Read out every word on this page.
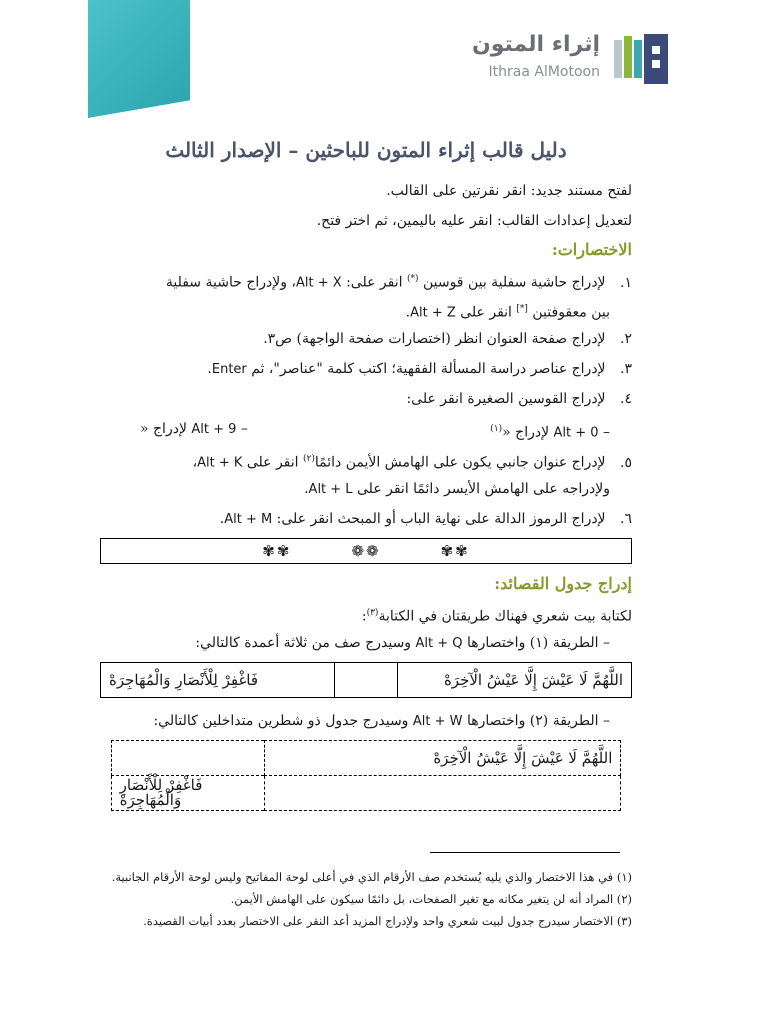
إثراء المتون
Ithraa AlMotoon
دليل قالب إثراء المتون للباحثين – الإصدار الثالث
لفتح مستند جديد: انقر نقرتين على القالب.
لتعديل إعدادات القالب: انقر عليه باليمين، ثم اختر فتح.
الاختصارات:
١. لإدراج حاشية سفلية بين قوسين (*) انقر على: Alt + X، ولإدراج حاشية سفلية
بين معقوفتين [*] انقر على Alt + Z.
٢. لإدراج صفحة العنوان انظر (اختصارات صفحة الواجهة) ص٣.
٣. لإدراج عناصر دراسة المسألة الفقهية؛ اكتب كلمة "عناصر"، ثم Enter.
٤. لإدراج القوسين الصغيرة انقر على:
– Alt + 0 لإدراج «$^{(١)}$
– Alt + 9 لإدراج «
٥. لإدراج عنوان جانبي يكون على الهامش الأيمن دائمًا$^{(٢)}$ انقر على Alt + K،
ولإدراجه على الهامش الأيسر دائمًا انقر على Alt + L.
٦. لإدراج الرموز الدالة على نهاية الباب أو المبحث انقر على: Alt + M.
✾✾
❁❁
✾✾
إدراج جدول القصائد:
لكتابة بيت شعري فهناك طريقتان في الكتابة$^{(٣)}$:
– الطريقة (١) واختصارها Alt + Q وسيدرج صف من ثلاثة أعمدة كالتالي:
اللَّهُمَّ لَا عَيْشَ إِلَّا عَيْشُ الْآخِرَهْ		فَاغْفِرْ لِلْأَنْصَارِ وَالْمُهَاجِرَهْ
– الطريقة (٢) واختصارها Alt + W وسيدرج جدول ذو شطرين متداخلين كالتالي:
اللَّهُمَّ لَا عَيْشَ إِلَّا عَيْشُ الْآخِرَهْ	
	فَاغْفِرْ لِلْأَنْصَارِ وَالْمُهَاجِرَهْ
(١) في هذا الاختصار والذي يليه يُستخدم صف الأرقام الذي في أعلى لوحة المفاتيح وليس لوحة الأرقام الجانبية.
(٢) المراد أنه لن يتغير مكانه مع تغير الصفحات، بل دائمًا سيكون على الهامش الأيمن.
(٣) الاختصار سيدرج جدول لبيت شعري واحد ولإدراج المزيد أعد النقر على الاختصار بعدد أبيات القصيدة.
